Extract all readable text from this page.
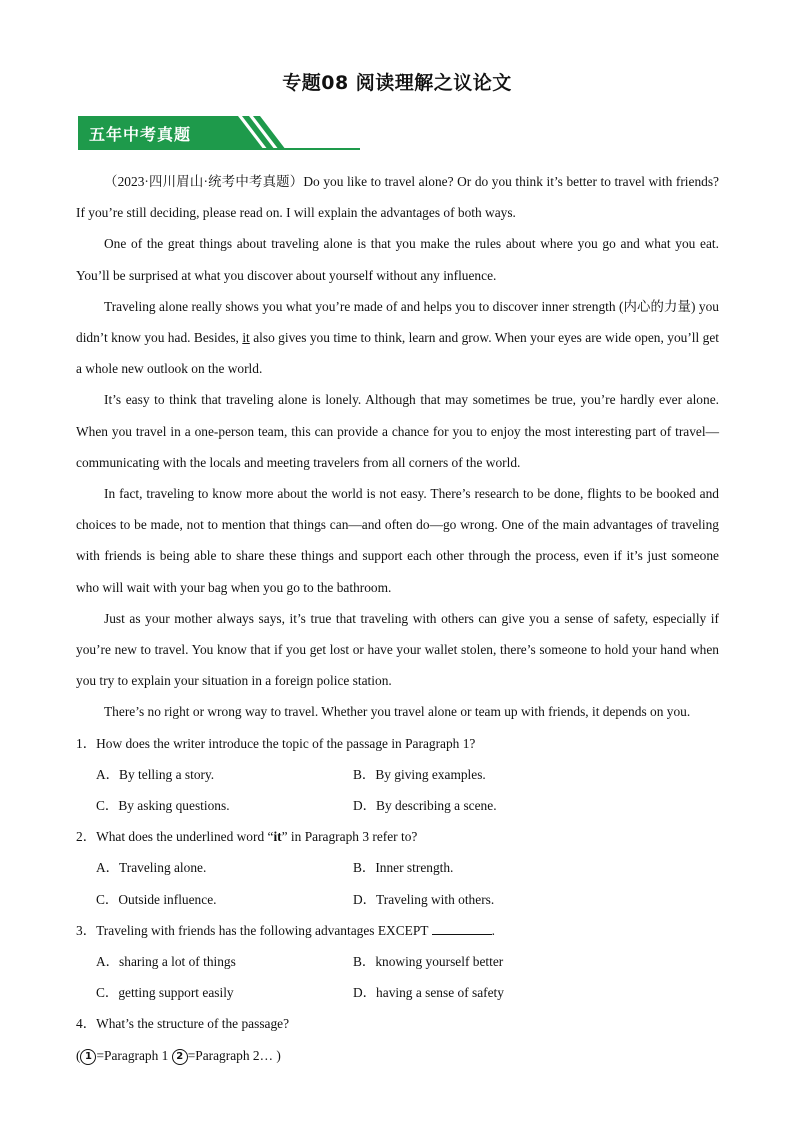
专题08 阅读理解之议论文
五年中考真题

（2023·四川眉山·统考中考真题）Do you like to travel alone? Or do you think it’s better to travel with friends? If you’re still deciding, please read on. I will explain the advantages of both ways.

One of the great things about traveling alone is that you make the rules about where you go and what you eat. You’ll be surprised at what you discover about yourself without any influence.

Traveling alone really shows you what you’re made of and helps you to discover inner strength (内心的力量) you didn’t know you had. Besides, it also gives you time to think, learn and grow. When your eyes are wide open, you’ll get a whole new outlook on the world.

It’s easy to think that traveling alone is lonely. Although that may sometimes be true, you’re hardly ever alone. When you travel in a one-person team, this can provide a chance for you to enjoy the most interesting part of travel—communicating with the locals and meeting travelers from all corners of the world.

In fact, traveling to know more about the world is not easy. There’s research to be done, flights to be booked and choices to be made, not to mention that things can—and often do—go wrong. One of the main advantages of traveling with friends is being able to share these things and support each other through the process, even if it’s just someone who will wait with your bag when you go to the bathroom.

Just as your mother always says, it’s true that traveling with others can give you a sense of safety, especially if you’re new to travel. You know that if you get lost or have your wallet stolen, there’s someone to hold your hand when you try to explain your situation in a foreign police station.

There’s no right or wrong way to travel. Whether you travel alone or team up with friends, it depends on you.

1．How does the writer introduce the topic of the passage in Paragraph 1?

A．By telling a story.	B．By giving examples.
C．By asking questions.	D．By describing a scene.

2．What does the underlined word “it” in Paragraph 3 refer to?

A．Traveling alone.	B．Inner strength.
C．Outside influence.	D．Traveling with others.

3．Traveling with friends has the following advantages EXCEPT	.

A．sharing a lot of things	B．knowing yourself better
C．getting support easily	D．having a sense of safety

4．What’s the structure of the passage?

( 1 =Paragraph 1 2 =Paragraph 2… )
